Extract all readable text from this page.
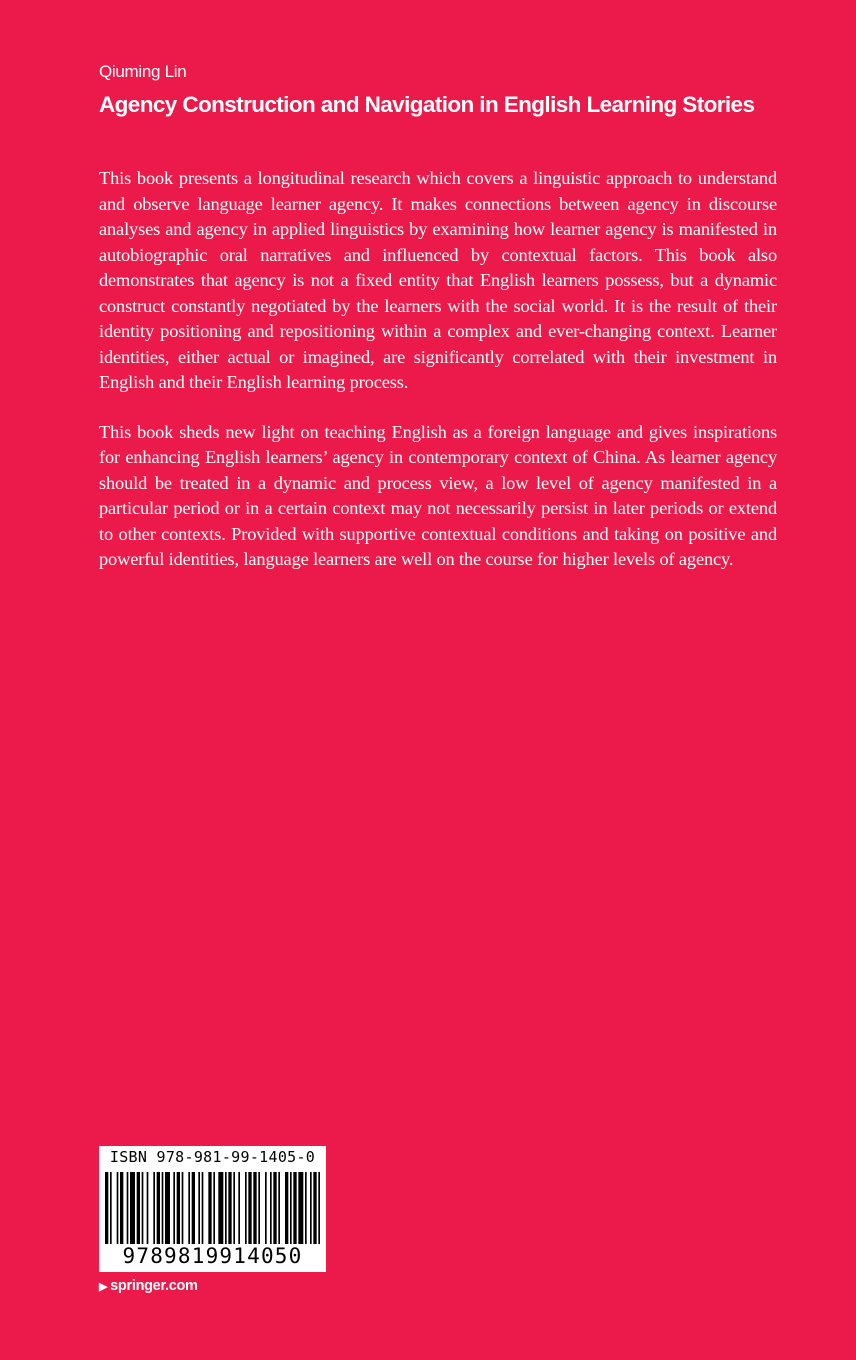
Qiuming Lin
Agency Construction and Navigation in English Learning Stories

This book presents a longitudinal research which covers a linguistic approach to understand and observe language learner agency. It makes connections between agency in discourse analyses and agency in applied linguistics by examining how learner agency is manifested in autobiographic oral narratives and influenced by contextual factors. This book also demonstrates that agency is not a fixed entity that English learners possess, but a dynamic construct constantly negotiated by the learners with the social world. It is the result of their identity positioning and repositioning within a complex and ever-changing context. Learner identities, either actual or imagined, are significantly correlated with their investment in English and their English learning process.

This book sheds new light on teaching English as a foreign language and gives inspirations for enhancing English learners’ agency in contemporary context of China. As learner agency should be treated in a dynamic and process view, a low level of agency manifested in a particular period or in a certain context may not necessarily persist in later periods or extend to other contexts. Provided with supportive contextual conditions and taking on positive and powerful identities, language learners are well on the course for higher levels of agency.

ISBN 978-981-99-1405-0
9789819914050
▶ springer.com
